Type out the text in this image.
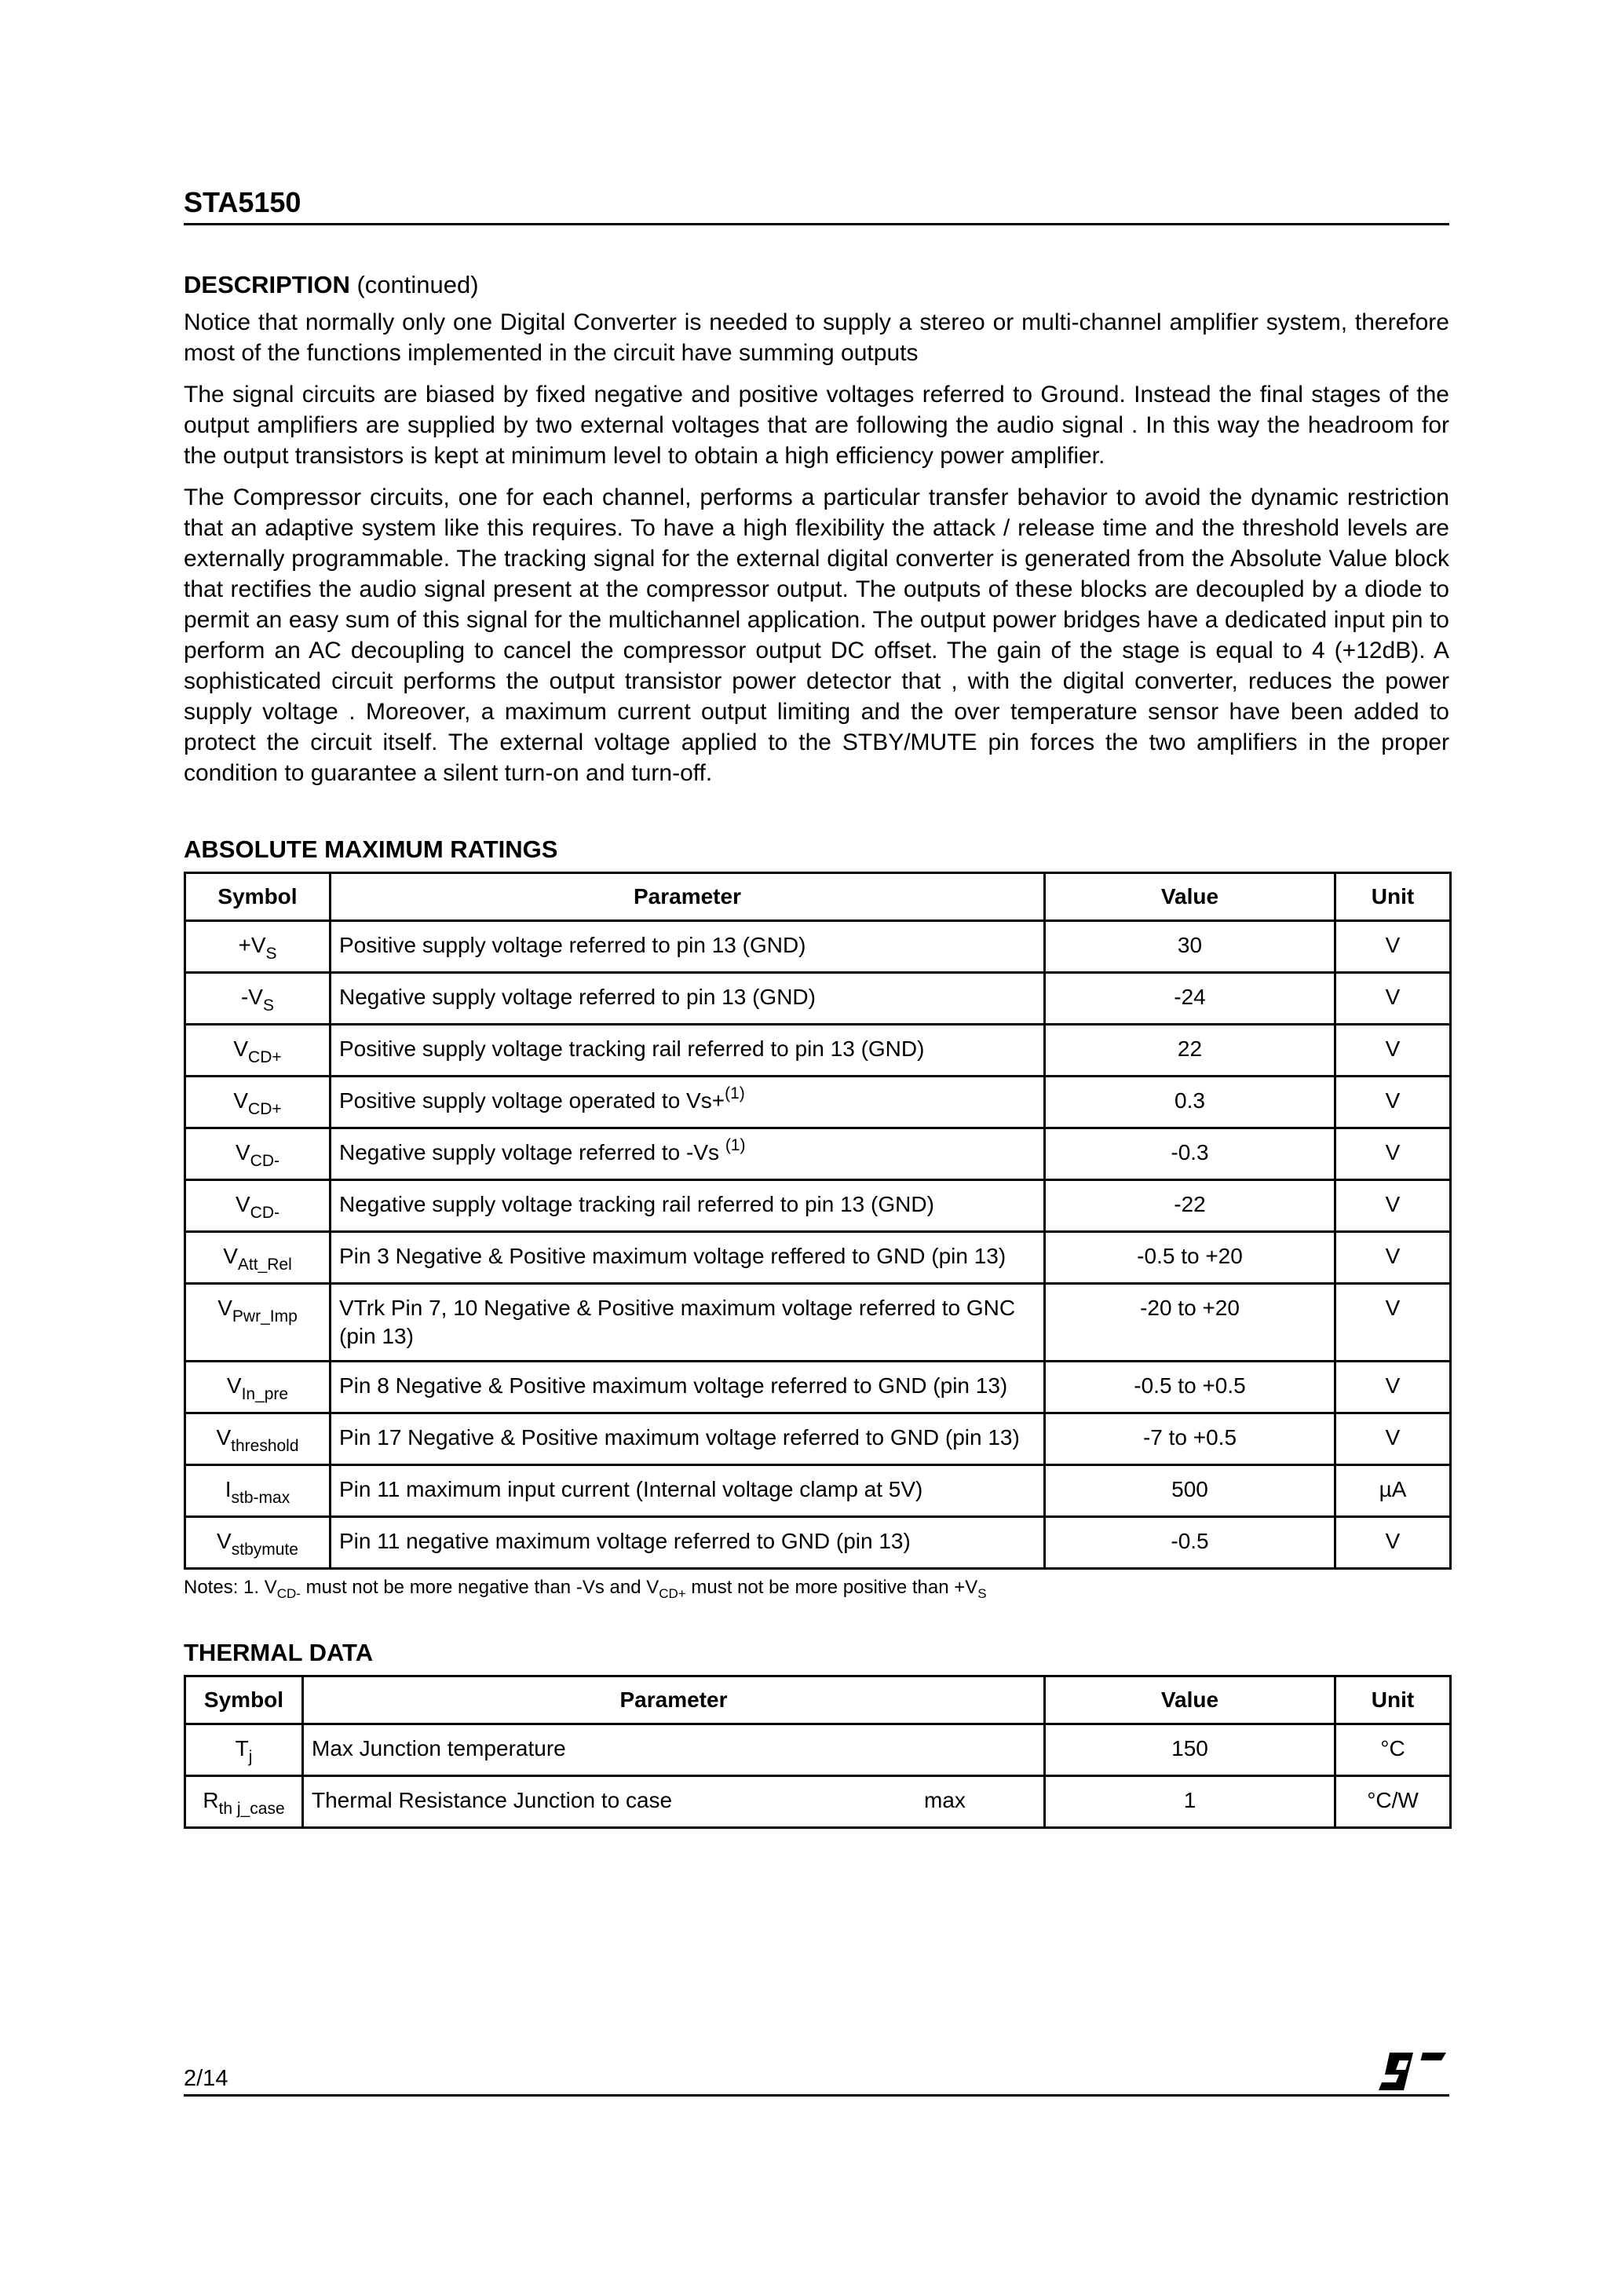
STA5150
DESCRIPTION (continued)

Notice that normally only one Digital Converter is needed to supply a stereo or multi-channel amplifier system, therefore most of the functions implemented in the circuit have summing outputs

The signal circuits are biased by fixed negative and positive voltages referred to Ground. Instead the final stages of the output amplifiers are supplied by two external voltages that are following the audio signal . In this way the headroom for the output transistors is kept at minimum level to obtain a high efficiency power amplifier.

The Compressor circuits, one for each channel, performs a particular transfer behavior to avoid the dynamic restriction that an adaptive system like this requires. To have a high flexibility the attack / release time and the threshold levels are externally programmable. The tracking signal for the external digital converter is generated from the Absolute Value block that rectifies the audio signal present at the compressor output. The outputs of these blocks are decoupled by a diode to permit an easy sum of this signal for the multichannel application. The output power bridges have a dedicated input pin to perform an AC decoupling to cancel the compressor output DC offset. The gain of the stage is equal to 4 (+12dB). A sophisticated circuit performs the output transistor power detector that , with the digital converter, reduces the power supply voltage . Moreover, a maximum current output limiting and the over temperature sensor have been added to protect the circuit itself. The external voltage applied to the STBY/MUTE pin forces the two amplifiers in the proper condition to guarantee a silent turn-on and turn-off.

ABSOLUTE MAXIMUM RATINGS
Symbol	Parameter	Value	Unit
$+V_S$	Positive supply voltage referred to pin 13 (GND)	30	V
$-V_S$	Negative supply voltage referred to pin 13 (GND)	-24	V
$V_{CD+}$	Positive supply voltage tracking rail referred to pin 13 (GND)	22	V
$V_{CD+}$	Positive supply voltage operated to Vs+$^{(1)}$	0.3	V
$V_{CD-}$	Negative supply voltage referred to -Vs $^{(1)}$	-0.3	V
$V_{CD-}$	Negative supply voltage tracking rail referred to pin 13 (GND)	-22	V
$V_{Att\_Rel}$	Pin 3 Negative & Positive maximum voltage reffered to GND (pin 13)	-0.5 to +20	V
$V_{Pwr\_Imp}$	VTrk Pin 7, 10 Negative & Positive maximum voltage referred to GNC (pin 13)	-20 to +20	V
$V_{In\_pre}$	Pin 8 Negative & Positive maximum voltage referred to GND (pin 13)	-0.5 to +0.5	V
$V_{threshold}$	Pin 17 Negative & Positive maximum voltage referred to GND (pin 13)	-7 to +0.5	V
$I_{stb-max}$	Pin 11 maximum input current (Internal voltage clamp at 5V)	500	µA
$V_{stbymute}$	Pin 11 negative maximum voltage referred to GND (pin 13)	-0.5	V
Notes: 1. $V_{CD-}$ must not be more negative than -Vs and $V_{CD+}$ must not be more positive than $+V_S$
THERMAL DATA
Symbol	Parameter	Value	Unit
$T_j$	Max Junction temperature	150	°C
$R_{th j\_case}$	Thermal Resistance Junction to case max	1	°C/W
2/14
